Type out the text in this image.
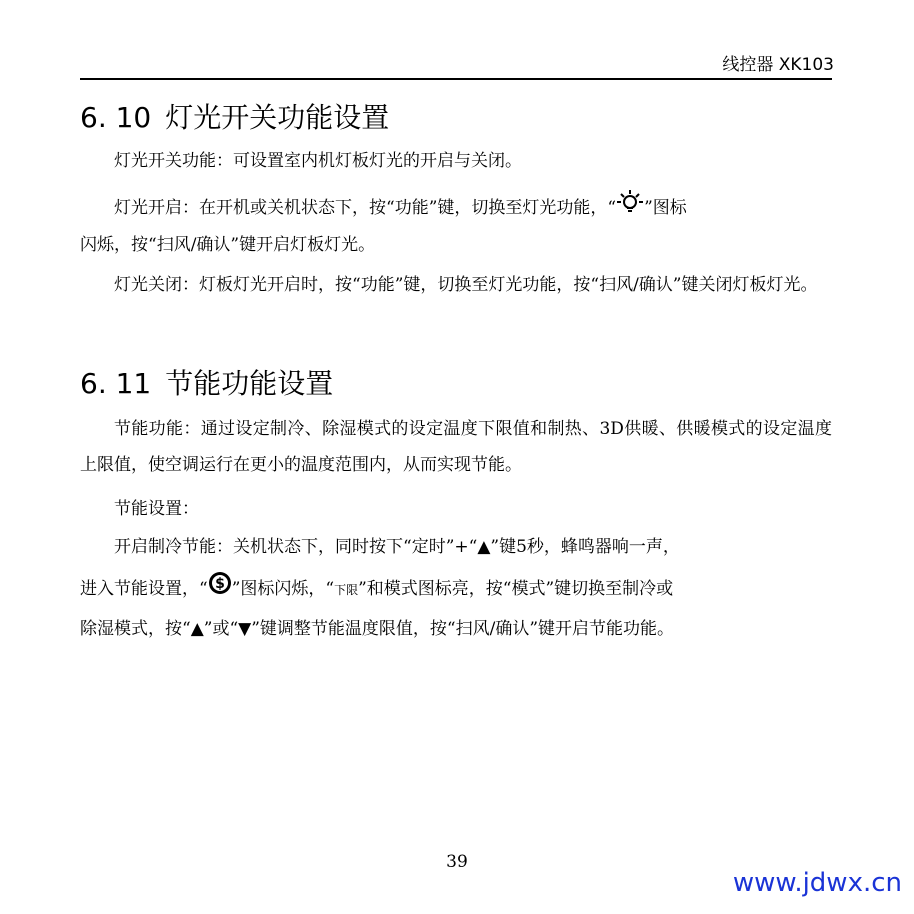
线控器 XK103
6. 10 灯光开关功能设置

灯光开关功能：可设置室内机灯板灯光的开启与关闭。

灯光开启：在开机或关机状态下，按“功能”键，切换至灯光功能，“ ”图标

闪烁，按“扫风/确认”键开启灯板灯光。

灯光关闭：灯板灯光开启时，按“功能”键，切换至灯光功能，按“扫风/确认”键关闭灯板灯光。

6. 11 节能功能设置

节能功能：通过设定制冷、除湿模式的设定温度下限值和制热、3D供暖、供暖模式的设定温度上限值，使空调运行在更小的温度范围内，从而实现节能。

节能设置：

开启制冷节能：关机状态下，同时按下“定时”+“▲”键5秒，蜂鸣器响一声，

进入节能设置，“ $ ”图标闪烁，“下限”和模式图标亮，按“模式”键切换至制冷或

除湿模式，按“▲”或“▼”键调整节能温度限值，按“扫风/确认”键开启节能功能。

39
www.jdwx.cn
